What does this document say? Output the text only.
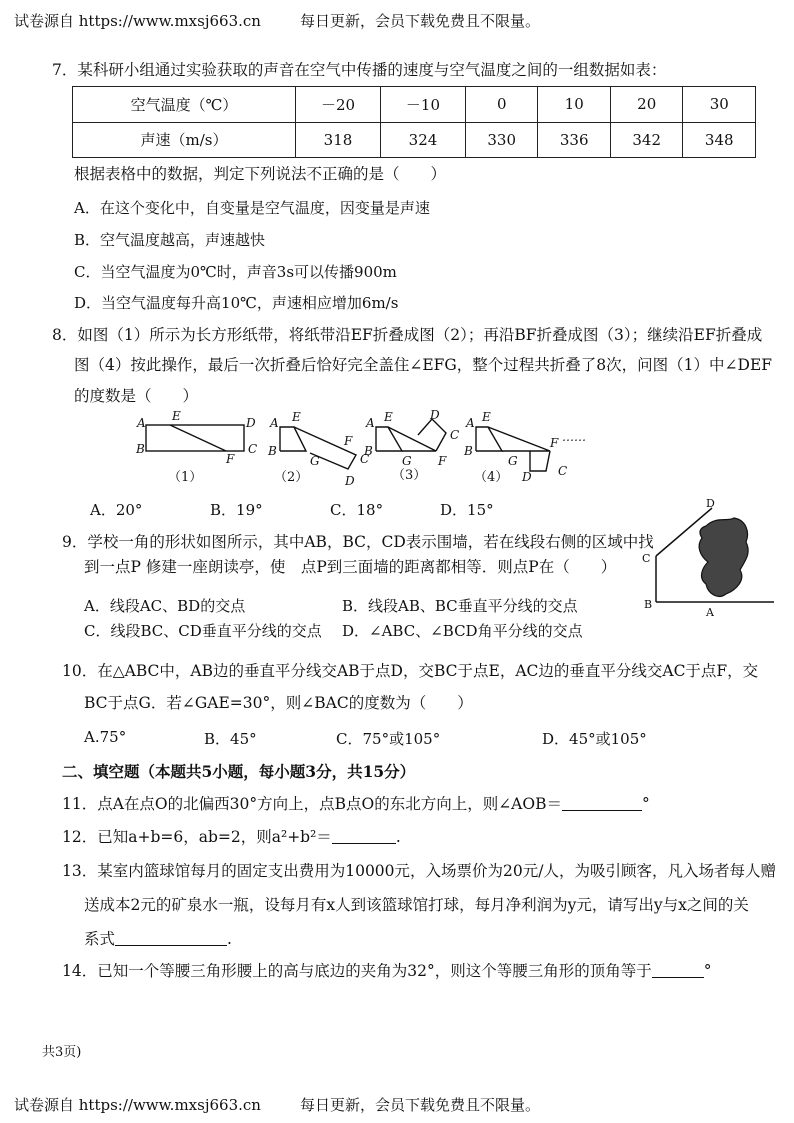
试卷源自 https://www.mxsj663.cn	每日更新，会员下载免费且不限量。
7．某科研小组通过实验获取的声音在空气中传播的速度与空气温度之间的一组数据如表：
空气温度（℃）	－20	－10	0	10	20	30
声速（m/s）	318	324	330	336	342	348
根据表格中的数据，判定下列说法不正确的是（　　）
A．在这个变化中，自变量是空气温度，因变量是声速
B．空气温度越高，声速越快
C．当空气温度为0℃时，声音3s可以传播900m
D．当空气温度每升高10℃，声速相应增加6m/s
8．如图（1）所示为长方形纸带，将纸带沿EF折叠成图（2）；再沿BF折叠成图（3）；继续沿EF折叠成
图（4）按此操作，最后一次折叠后恰好完全盖住∠EFG，整个过程共折叠了8次，问图（1）中∠DEF
的度数是（　　）
A
B
E	D
C
F
A
B
E
G
F
C
D
A
B
E	D
C
G F
A
B
E
G
F
D C
……
（1）	（2）	（3）	（4）
A．20°	B．19°	C．18°	D．15°
9．学校一角的形状如图所示，其中AB，BC，CD表示围墙，若在线段右侧的区域中找
到一点P 修建一座朗读亭，使　点P到三面墙的距离都相等．则点P在（　　）
A．线段AC、BD的交点	B．线段AB、BC垂直平分线的交点
C．线段BC、CD垂直平分线的交点 D．∠ABC、∠BCD角平分线的交点
D
C
B
A
10．在△ABC中，AB边的垂直平分线交AB于点D，交BC于点E，AC边的垂直平分线交AC于点F，交
BC于点G．若∠GAE=30°，则∠BAC的度数为（　　）
A.75°	B．45°	C．75°或105°	D．45°或105°
二、填空题（本题共5小题，每小题3分，共15分）
11．点A在点O的北偏西30°方向上，点B点O的东北方向上，则∠AOB＝	°
12．已知a+b=6，ab=2，则a²+b²＝	.
13．某室内篮球馆每月的固定支出费用为10000元，入场票价为20元/人，为吸引顾客，凡入场者每人赠
送成本2元的矿泉水一瓶，设每月有x人到该篮球馆打球，每月净利润为y元，请写出y与x之间的关
系式	.
14．已知一个等腰三角形腰上的高与底边的夹角为32°，则这个等腰三角形的顶角等于	°
共3页)
试卷源自 https://www.mxsj663.cn	每日更新，会员下载免费且不限量。
